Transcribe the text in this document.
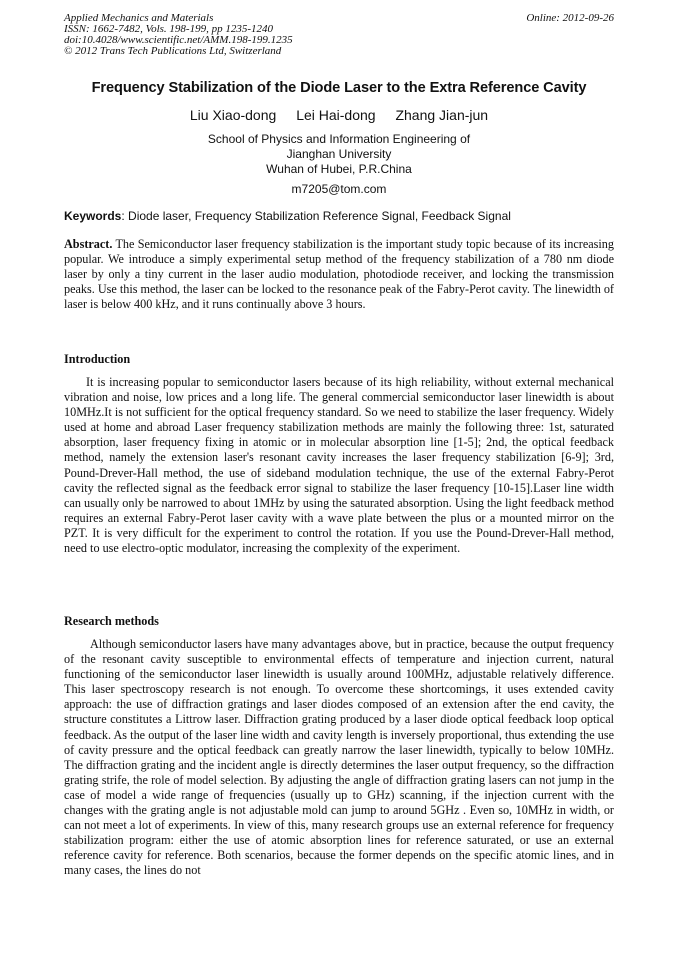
Applied Mechanics and Materials
ISSN: 1662-7482, Vols. 198-199, pp 1235-1240
doi:10.4028/www.scientific.net/AMM.198-199.1235
© 2012 Trans Tech Publications Ltd, Switzerland
Online: 2012-09-26
Frequency Stabilization of the Diode Laser to the Extra Reference Cavity
Liu Xiao-dong Lei Hai-dong Zhang Jian-jun
School of Physics and Information Engineering of
Jianghan University
Wuhan of Hubei, P.R.China
m7205@tom.com
Keywords: Diode laser, Frequency Stabilization Reference Signal, Feedback Signal

Abstract. The Semiconductor laser frequency stabilization is the important study topic because of its increasing popular. We introduce a simply experimental setup method of the frequency stabilization of a 780 nm diode laser by only a tiny current in the laser audio modulation, photodiode receiver, and locking the transmission peaks. Use this method, the laser can be locked to the resonance peak of the Fabry-Perot cavity. The linewidth of laser is below 400 kHz, and it runs continually above 3 hours.

Introduction

It is increasing popular to semiconductor lasers because of its high reliability, without external mechanical vibration and noise, low prices and a long life. The general commercial semiconductor laser linewidth is about 10MHz.It is not sufficient for the optical frequency standard. So we need to stabilize the laser frequency. Widely used at home and abroad Laser frequency stabilization methods are mainly the following three: 1st, saturated absorption, laser frequency fixing in atomic or in molecular absorption line [1-5]; 2nd, the optical feedback method, namely the extension laser's resonant cavity increases the laser frequency stabilization [6-9]; 3rd, Pound-Drever-Hall method, the use of sideband modulation technique, the use of the external Fabry-Perot cavity the reflected signal as the feedback error signal to stabilize the laser frequency [10-15].Laser line width can usually only be narrowed to about 1MHz by using the saturated absorption. Using the light feedback method requires an external Fabry-Perot laser cavity with a wave plate between the plus or a mounted mirror on the PZT. It is very difficult for the experiment to control the rotation. If you use the Pound-Drever-Hall method, need to use electro-optic modulator, increasing the complexity of the experiment.

Research methods

Although semiconductor lasers have many advantages above, but in practice, because the output frequency of the resonant cavity susceptible to environmental effects of temperature and injection current, natural functioning of the semiconductor laser linewidth is usually around 100MHz, adjustable relatively difference. This laser spectroscopy research is not enough. To overcome these shortcomings, it uses extended cavity approach: the use of diffraction gratings and laser diodes composed of an extension after the end cavity, the structure constitutes a Littrow laser. Diffraction grating produced by a laser diode optical feedback loop optical feedback. As the output of the laser line width and cavity length is inversely proportional, thus extending the use of cavity pressure and the optical feedback can greatly narrow the laser linewidth, typically to below 10MHz. The diffraction grating and the incident angle is directly determines the laser output frequency, so the diffraction grating strife, the role of model selection. By adjusting the angle of diffraction grating lasers can not jump in the case of model a wide range of frequencies (usually up to GHz) scanning, if the injection current with the changes with the grating angle is not adjustable mold can jump to around 5GHz . Even so, 10MHz in width, or can not meet a lot of experiments. In view of this, many research groups use an external reference for frequency stabilization program: either the use of atomic absorption lines for reference saturated, or use an external reference cavity for reference. Both scenarios, because the former depends on the specific atomic lines, and in many cases, the lines do not
